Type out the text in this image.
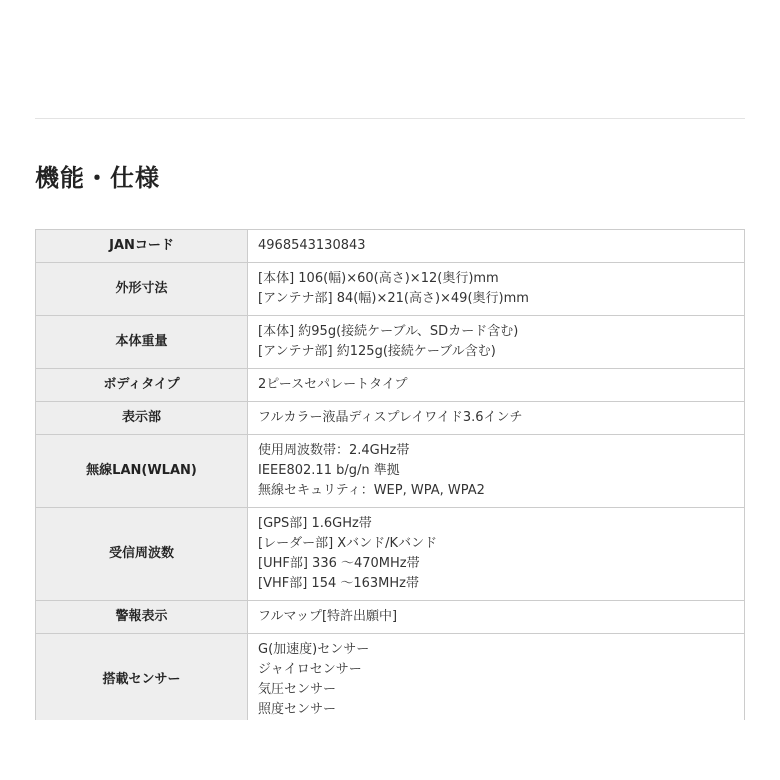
機能・仕様
JANコード	4968543130843

外形寸法	[本体] 106(幅)×60(高さ)×12(奥行)mm
[アンテナ部] 84(幅)×21(高さ)×49(奥行)mm

本体重量	[本体] 約95g(接続ケーブル、SDカード含む)
[アンテナ部] 約125g(接続ケーブル含む)

ボディタイプ	2ピースセパレートタイプ

表示部	フルカラー液晶ディスプレイワイド3.6インチ

無線LAN(WLAN)	使用周波数帯：2.4GHz帯
IEEE802.11 b/g/n 準拠
無線セキュリティ：WEP, WPA, WPA2

受信周波数	[GPS部] 1.6GHz帯
[レーダー部] Xバンド/Kバンド
[UHF部] 336 ～470MHz帯
[VHF部] 154 ～163MHz帯

警報表示	フルマップ[特許出願中]

搭載センサー	G(加速度)センサー
ジャイロセンサー
気圧センサー
照度センサー
